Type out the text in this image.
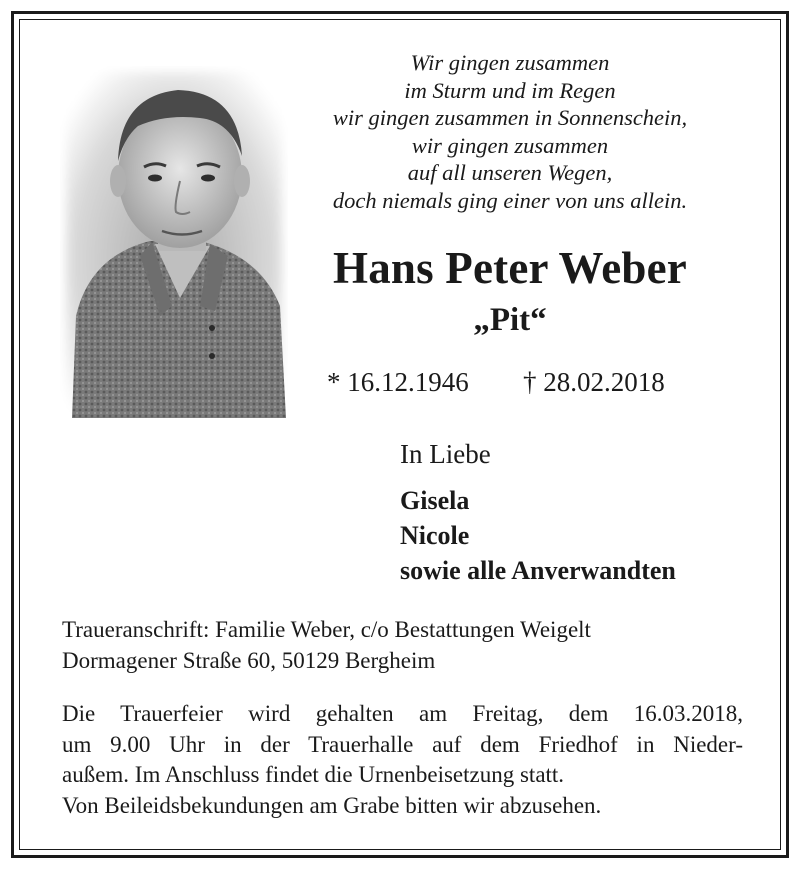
Wir gingen zusammen
im Sturm und im Regen
wir gingen zusammen in Sonnenschein,
wir gingen zusammen
auf all unseren Wegen,
doch niemals ging einer von uns allein.
Hans Peter Weber
„Pit“
* 16.12.1946 † 28.02.2018
In Liebe
Gisela
Nicole
sowie alle Anverwandten
Traueranschrift: Familie Weber, c/o Bestattungen Weigelt
Dormagener Straße 60, 50129 Bergheim
Die Trauerfeier wird gehalten am Freitag, dem 16.03.2018,
um 9.00 Uhr in der Trauerhalle auf dem Friedhof in Nieder-
außem. Im Anschluss findet die Urnenbeisetzung statt.
Von Beileidsbekundungen am Grabe bitten wir abzusehen.
